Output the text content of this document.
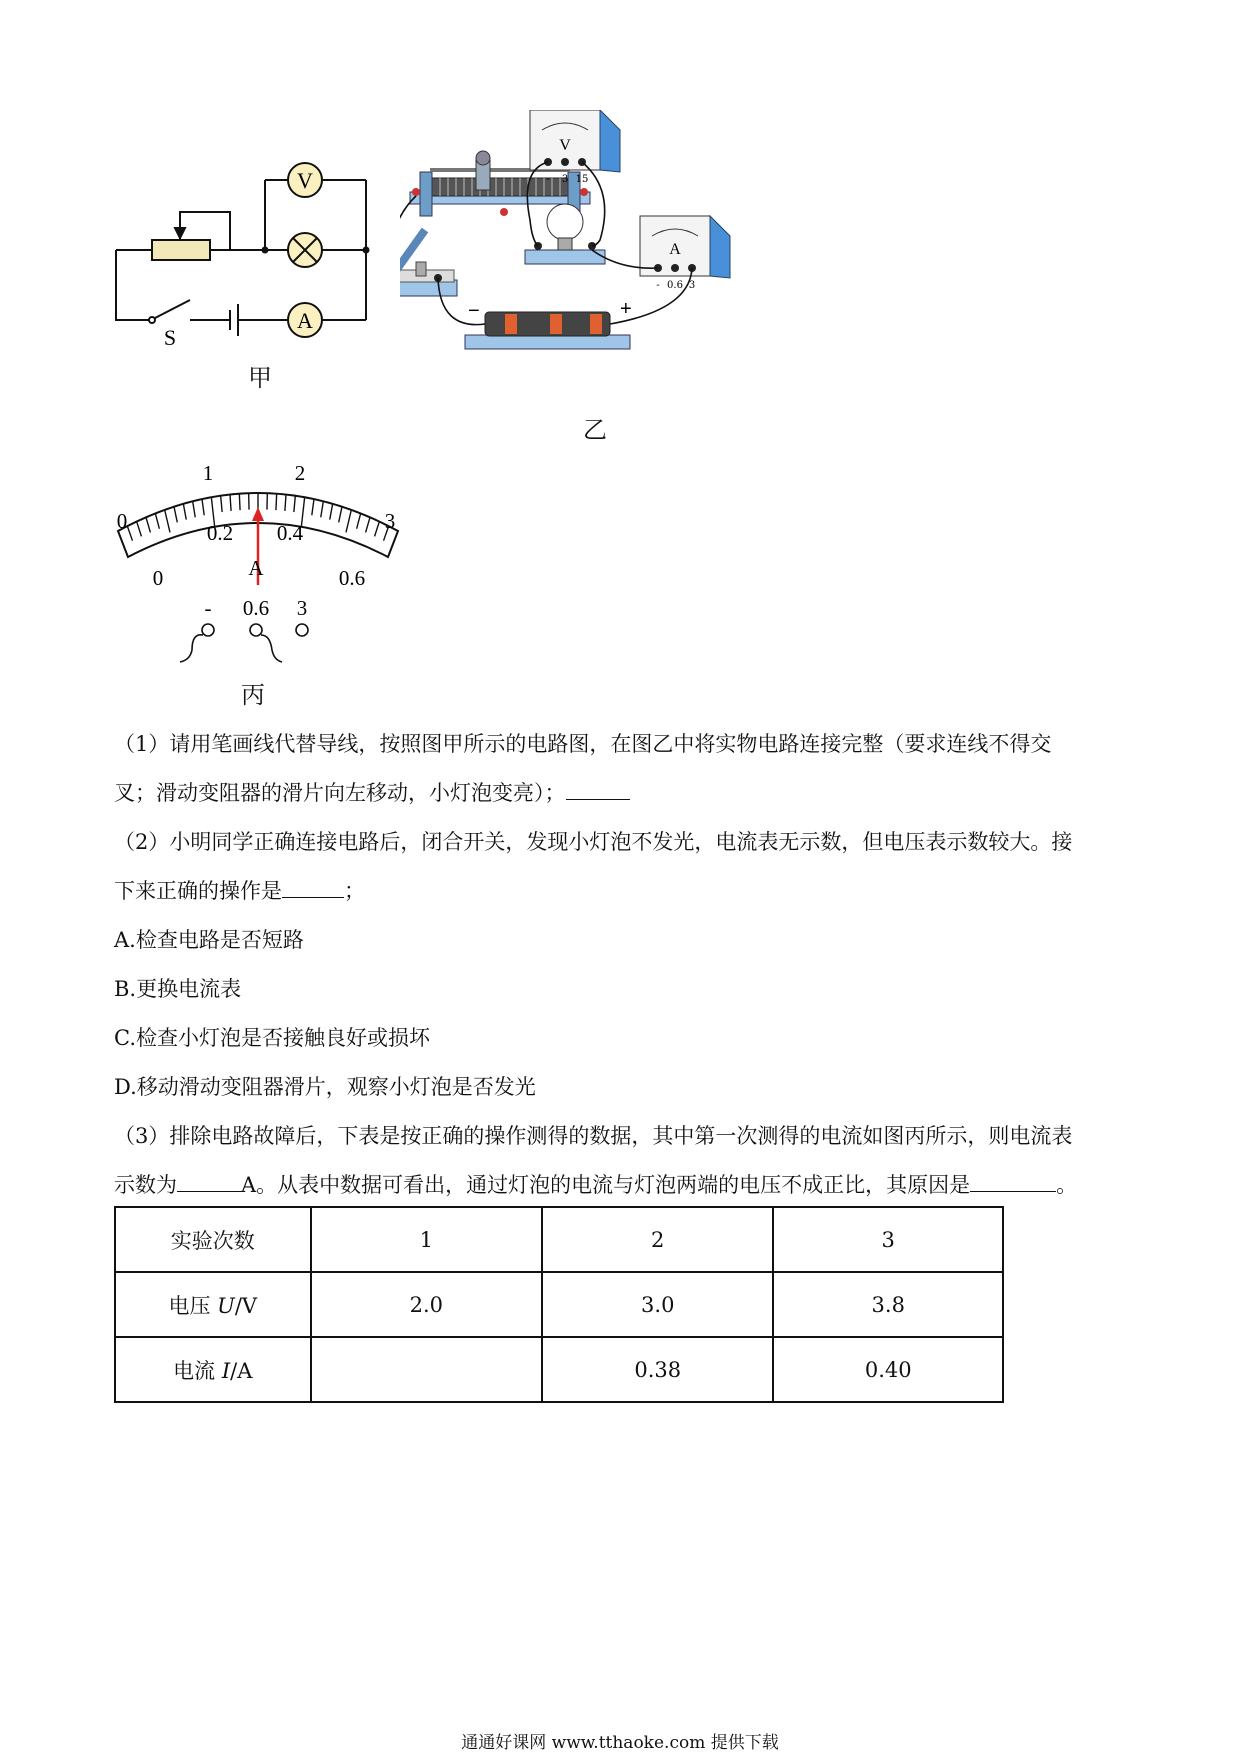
V
A
S
甲
−	+
V
- 3 15
A
- 0.6 3
乙
0
1	2
3
0
0.2 0.4
0.6
A
- 0.6 3
丙
（1）请用笔画线代替导线，按照图甲所示的电路图，在图乙中将实物电路连接完整（要求连线不得交
叉；滑动变阻器的滑片向左移动，小灯泡变亮）；
（2）小明同学正确连接电路后，闭合开关，发现小灯泡不发光，电流表无示数，但电压表示数较大。接
下来正确的操作是	；
A.检查电路是否短路
B.更换电流表
C.检查小灯泡是否接触良好或损坏
D.移动滑动变阻器滑片，观察小灯泡是否发光
（3）排除电路故障后，下表是按正确的操作测得的数据，其中第一次测得的电流如图丙所示，则电流表
示数为	A。从表中数据可看出，通过灯泡的电流与灯泡两端的电压不成正比，其原因是	。
实验次数	1	2	3
电压 U/V	2.0	3.0	3.8
电流 I/A		0.38	0.40
通通好课网 www.tthaoke.com 提供下载
